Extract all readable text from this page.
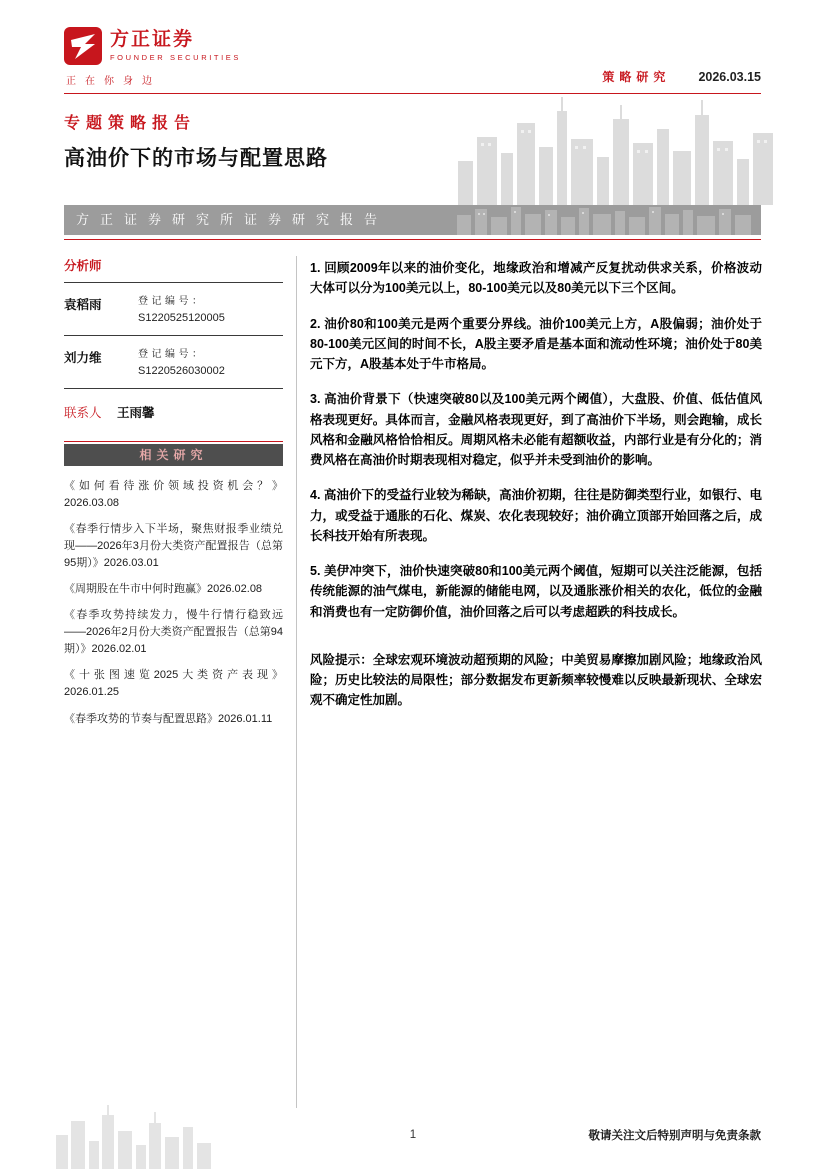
方正证券
FOUNDER SECURITIES
正在你身边	策略研究 2026.03.15
专题策略报告
高油价下的市场与配置思路
方正证券研究所证券研究报告
分析师
袁稻雨	登记编号：
S1220525120005
刘力维	登记编号：
S1220526030002
联系人 王雨馨
相关研究
《如何看待涨价领域投资机会？》2026.03.08
《春季行情步入下半场，聚焦财报季业绩兑现——2026年3月份大类资产配置报告（总第95期）》2026.03.01
《周期股在牛市中何时跑赢》2026.02.08
《春季攻势持续发力，慢牛行情行稳致远——2026年2月份大类资产配置报告（总第94期）》2026.02.01
《十张图速览2025大类资产表现》2026.01.25
《春季攻势的节奏与配置思路》2026.01.11

1. 回顾2009年以来的油价变化，地缘政治和增减产反复扰动供求关系，价格波动大体可以分为100美元以上，80-100美元以及80美元以下三个区间。

2. 油价80和100美元是两个重要分界线。油价100美元上方，A股偏弱；油价处于80-100美元区间的时间不长，A股主要矛盾是基本面和流动性环境；油价处于80美元下方，A股基本处于牛市格局。

3. 高油价背景下（快速突破80以及100美元两个阈值），大盘股、价值、低估值风格表现更好。具体而言，金融风格表现更好，到了高油价下半场，则会跑输，成长风格和金融风格恰恰相反。周期风格未必能有超额收益，内部行业是有分化的；消费风格在高油价时期表现相对稳定，似乎并未受到油价的影响。

4. 高油价下的受益行业较为稀缺，高油价初期，往往是防御类型行业，如银行、电力，或受益于通胀的石化、煤炭、农化表现较好；油价确立顶部开始回落之后，成长科技开始有所表现。

5. 美伊冲突下，油价快速突破80和100美元两个阈值，短期可以关注泛能源，包括传统能源的油气煤电，新能源的储能电网，以及通胀涨价相关的农化，低位的金融和消费也有一定防御价值，油价回落之后可以考虑超跌的科技成长。

风险提示：全球宏观环境波动超预期的风险；中美贸易摩擦加剧风险；地缘政治风险；历史比较法的局限性；部分数据发布更新频率较慢难以反映最新现状、全球宏观不确定性加剧。

1	敬请关注文后特别声明与免责条款
